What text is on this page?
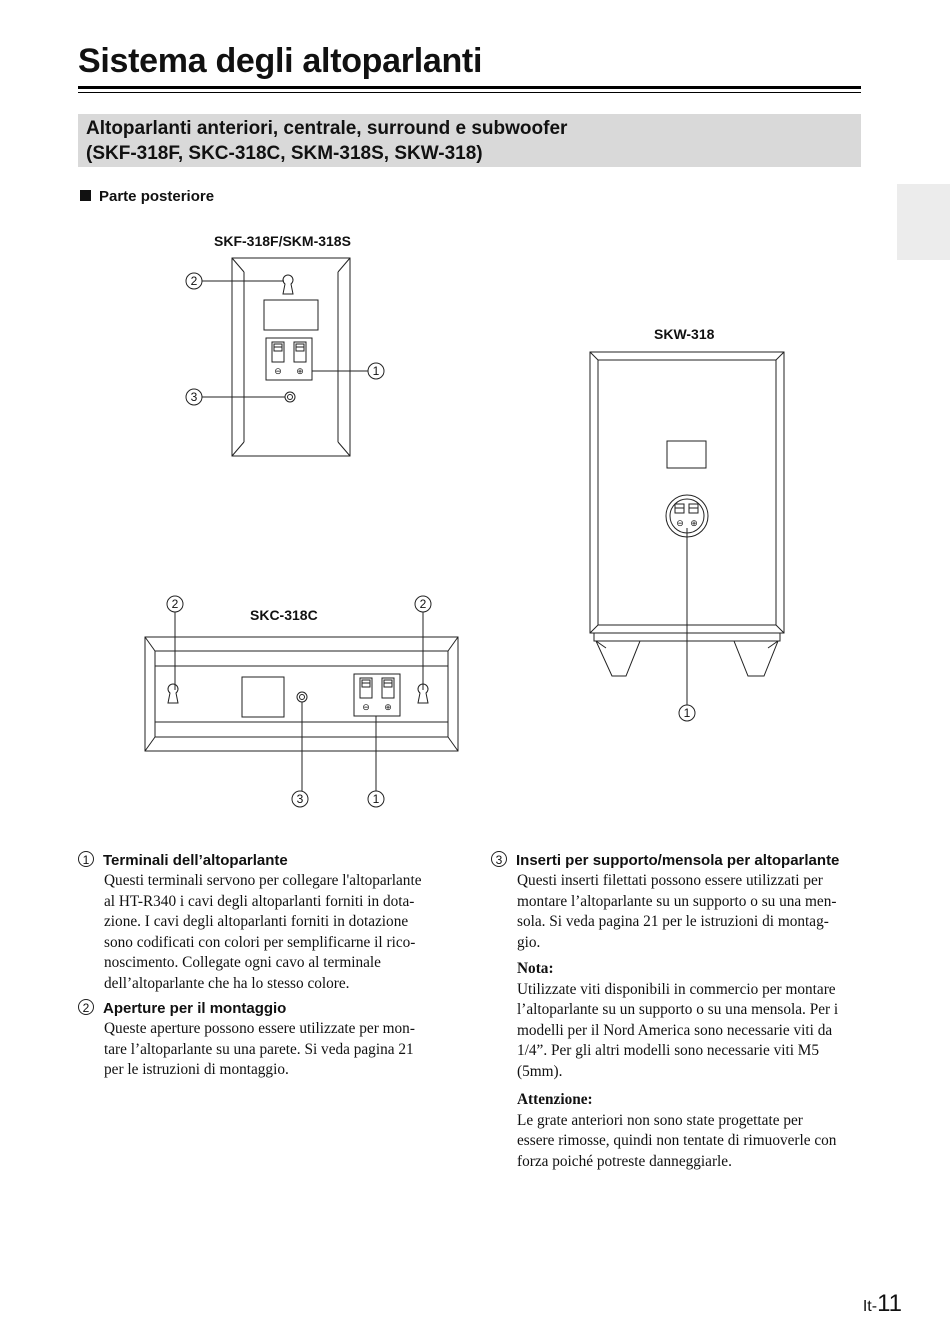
Sistema degli altoparlanti
Altoparlanti anteriori, centrale, surround e subwoofer
(SKF-318F, SKC-318C, SKM-318S, SKW-318)
Parte posteriore
SKF-318F/SKM-318S
SKW-318
SKC-318C
⊖ ⊕
⊖ ⊕
⊖ ⊕
2
1
3
1
2	2
3	1
1 Terminali dell’altoparlante
Questi terminali servono per collegare l'altoparlante
al HT-R340 i cavi degli altoparlanti forniti in dota-
zione. I cavi degli altoparlanti forniti in dotazione
sono codificati con colori per semplificarne il rico-
noscimento. Collegate ogni cavo al terminale
dell’altoparlante che ha lo stesso colore.
2 Aperture per il montaggio
Queste aperture possono essere utilizzate per mon-
tare l’altoparlante su una parete. Si veda pagina 21
per le istruzioni di montaggio.
3 Inserti per supporto/mensola per altoparlante
Questi inserti filettati possono essere utilizzati per
montare l’altoparlante su un supporto o su una men-
sola. Si veda pagina 21 per le istruzioni di montag-
gio.
Nota:
Utilizzate viti disponibili in commercio per montare
l’altoparlante su un supporto o su una mensola. Per i
modelli per il Nord America sono necessarie viti da
1/4”. Per gli altri modelli sono necessarie viti M5
(5mm).
Attenzione:
Le grate anteriori non sono state progettate per
essere rimosse, quindi non tentate di rimuoverle con
forza poiché potreste danneggiarle.
It-11
